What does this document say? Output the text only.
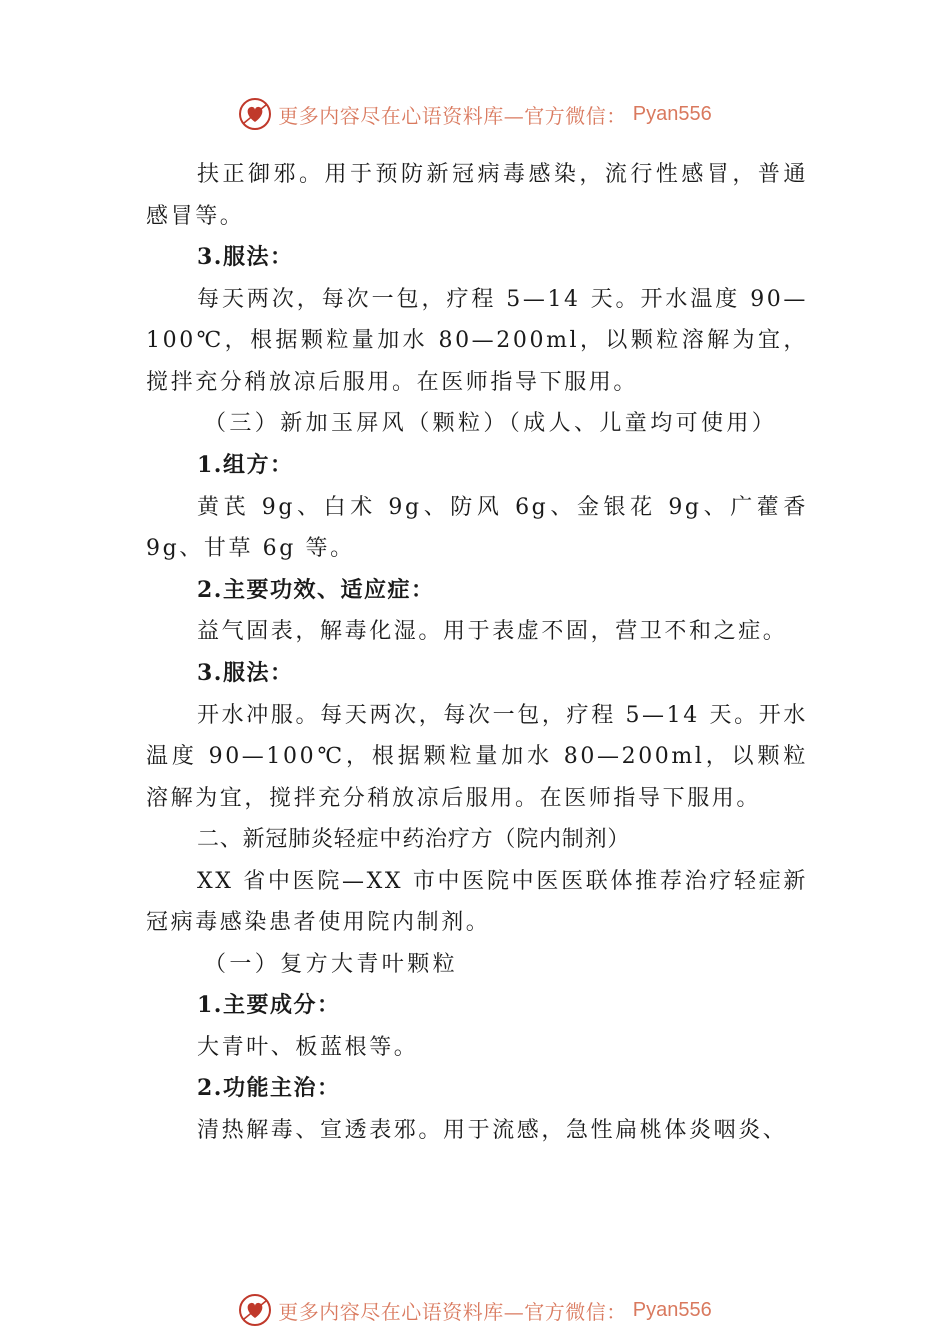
更多内容尽在心语资料库—官方微信： Pyan556

扶正御邪。用于预防新冠病毒感染，流行性感冒，普通感冒等。

3.服法：

每天两次，每次一包，疗程 5—14 天。开水温度 90—100℃，根据颗粒量加水 80—200ml，以颗粒溶解为宜，搅拌充分稍放凉后服用。在医师指导下服用。

（三）新加玉屏风（颗粒）（成人、儿童均可使用）

1.组方：

黄芪 9g、白术 9g、防风 6g、金银花 9g、广藿香 9g、甘草 6g 等。

2.主要功效、适应症：

益气固表，解毒化湿。用于表虚不固，营卫不和之症。

3.服法：

开水冲服。每天两次，每次一包，疗程 5—14 天。开水温度 90—100℃，根据颗粒量加水 80—200ml，以颗粒溶解为宜，搅拌充分稍放凉后服用。在医师指导下服用。

二、新冠肺炎轻症中药治疗方（院内制剂）

XX 省中医院—XX 市中医院中医医联体推荐治疗轻症新冠病毒感染患者使用院内制剂。

（一）复方大青叶颗粒

1.主要成分：

大青叶、板蓝根等。

2.功能主治：

清热解毒、宣透表邪。用于流感，急性扁桃体炎咽炎、

更多内容尽在心语资料库—官方微信： Pyan556
